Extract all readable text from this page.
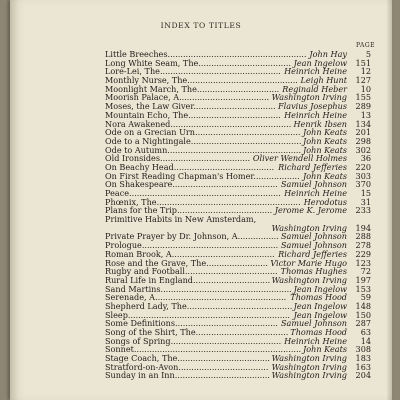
INDEX TO TITLES
PAGE
Little Breeches...................................................... John Hay	5
Long White Seam, The.................................... Jean Ingelow	151
Lore-Lei, The............................................... Heinrich Heine	12
Monthly Nurse, The........................................... Leigh Hunt	127
Moonlight March, The................................ Reginald Heber	10
Moorish Palace, A................................... Washington Irving	155
Moses, the Law Giver................................ Flavius Josephus	289
Mountain Echo, The.................................... Heinrich Heine	13
Nora Awakened............................................... Henrik Ibsen	134
Ode on a Grecian Urn......................................... John Keats	201
Ode to a Nightingale........................................... John Keats	298
Ode to Autumn.................................................... John Keats	302
Old Ironsides................................... Oliver Wendell Holmes	36
On Beachy Head....................................... Richard Jefferies	220
On First Reading Chapman's Homer.................. John Keats	303
On Shakespeare......................................... Samuel Johnson	370
Peace........................................................... Heinrich Heine	15
Phœnix, The........................................................ Herodotus	31
Plans for the Trip..................................... Jerome K. Jerome	233
Primitive Habits in New Amsterdam,
Washington Irving	194
Private Prayer by Dr. Johnson, A................ Samuel Johnson	288
Prologue..................................................... Samuel Johnson	278
Roman Brook, A........................................ Richard Jefferies	229
Rose and the Grave, The........................ Victor Marie Hugo	123
Rugby and Football.................................... Thomas Hughes	72
Rural Life in England.............................. Washington Irving	197
Sand Martins................................................... Jean Ingelow	153
Serenade, A................................................... Thomas Hood	59
Shepherd Lady, The......................................... Jean Ingelow	148
Sleep............................................................... Jean Ingelow	150
Some Definitions........................................ Samuel Johnson	287
Song of the Shirt, The.................................... Thomas Hood	63
Songs of Spring........................................... Heinrich Heine	14
Sonnet................................................................. John Keats	308
Stage Coach, The.................................... Washington Irving	183
Stratford-on-Avon................................... Washington Irving	163
Sunday in an Inn..................................... Washington Irving	204
